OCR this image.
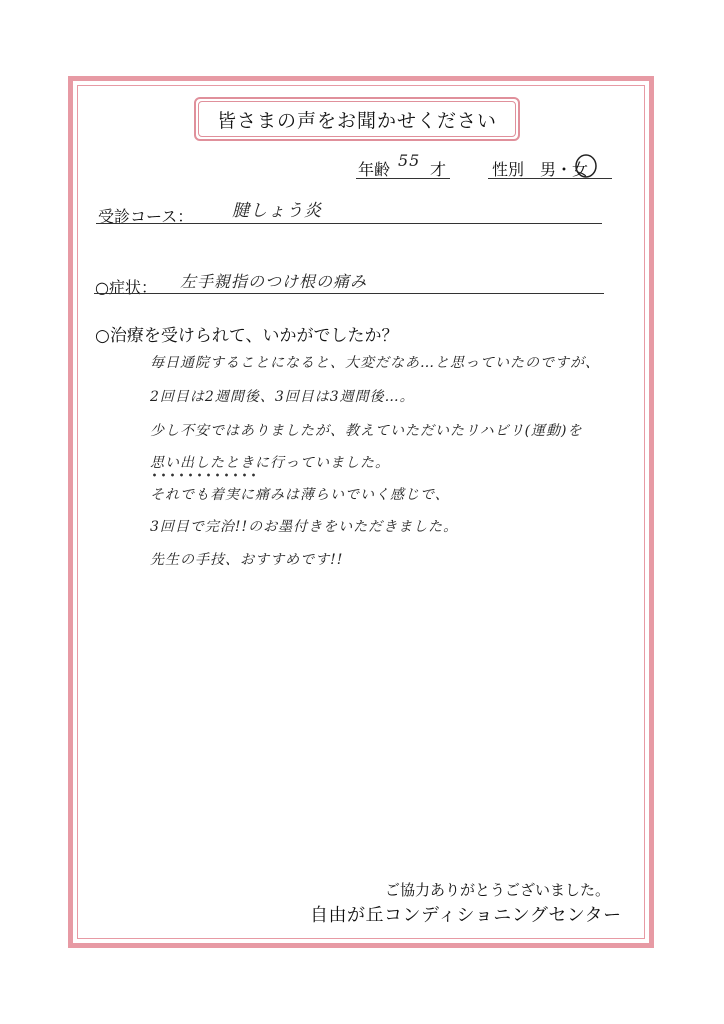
皆さまの声をお聞かせください
年齢 55 才	性別 男・女
受診コース： 腱しょう炎
○症状： 左手親指のつけ根の痛み
○治療を受けられて、いかがでしたか？
毎日通院することになると、大変だなあ…と思っていたのですが、
2回目は2週間後、3回目は3週間後…。
少し不安ではありましたが、教えていただいたリハビリ(運動)を
思い出したときに行っていました。
それでも着実に痛みは薄らいでいく感じで、
3回目で完治!!のお墨付きをいただきました。
先生の手技、おすすめです!!
ご協力ありがとうございました。
自由が丘コンディショニングセンター
